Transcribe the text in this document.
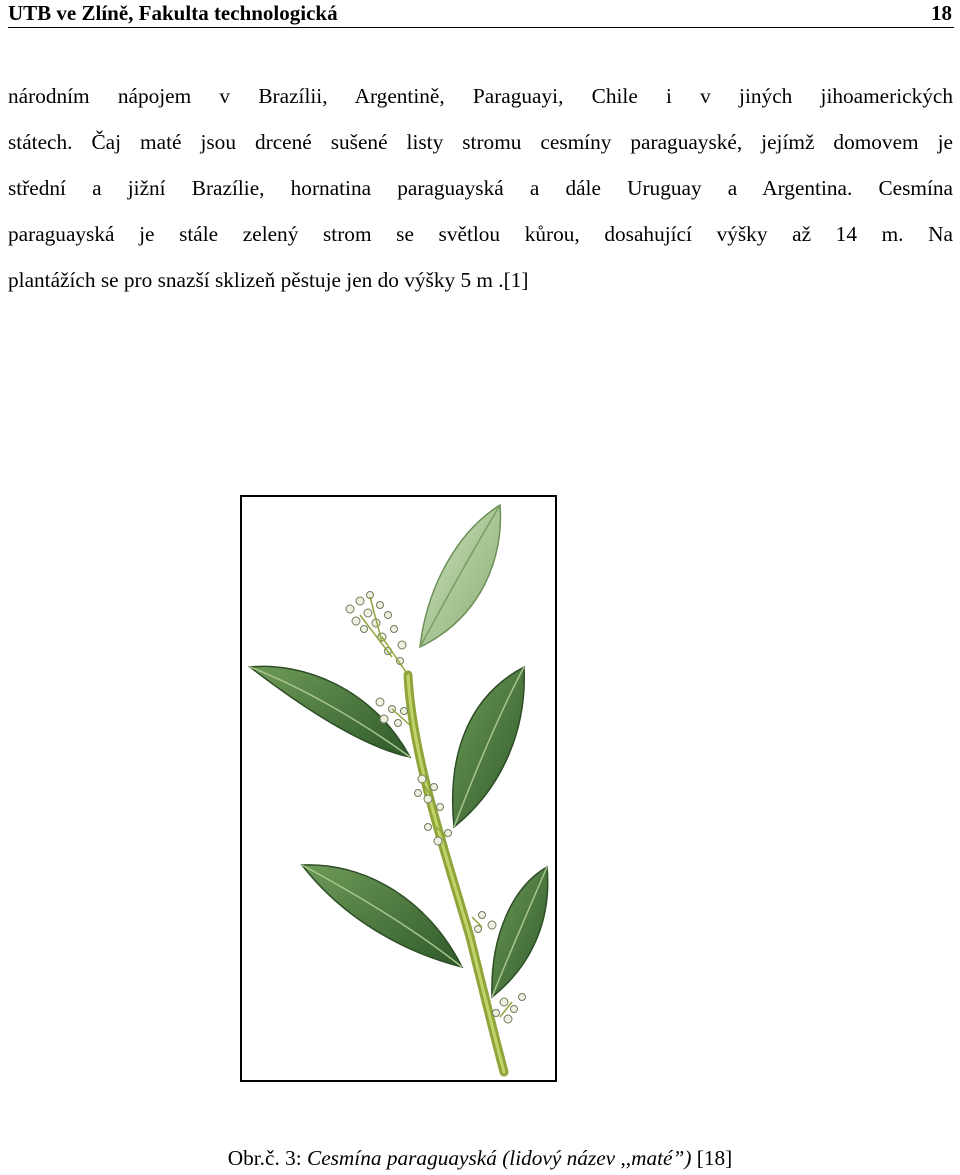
UTB ve Zlíně, Fakultа technologická	18
národním nápojem v Brazílii, Argentině, Paraguayi, Chile i v jiných jihoamerických
státech. Čaj maté jsou drcené sušené listy stromu cesmíny paraguayské, jejímž domovem je
střední a jižní Brazílie, hornatina paraguayská a dále Uruguay a Argentina. Cesmína
paraguayská je stále zelený strom se světlou kůrou, dosahující výšky až 14 m. Na
plantážích se pro snazší sklizeň pěstuje jen do výšky 5 m .[1]
Obr.č. 3: Cesmína paraguayská (lidový název ,,maté”) [18]
